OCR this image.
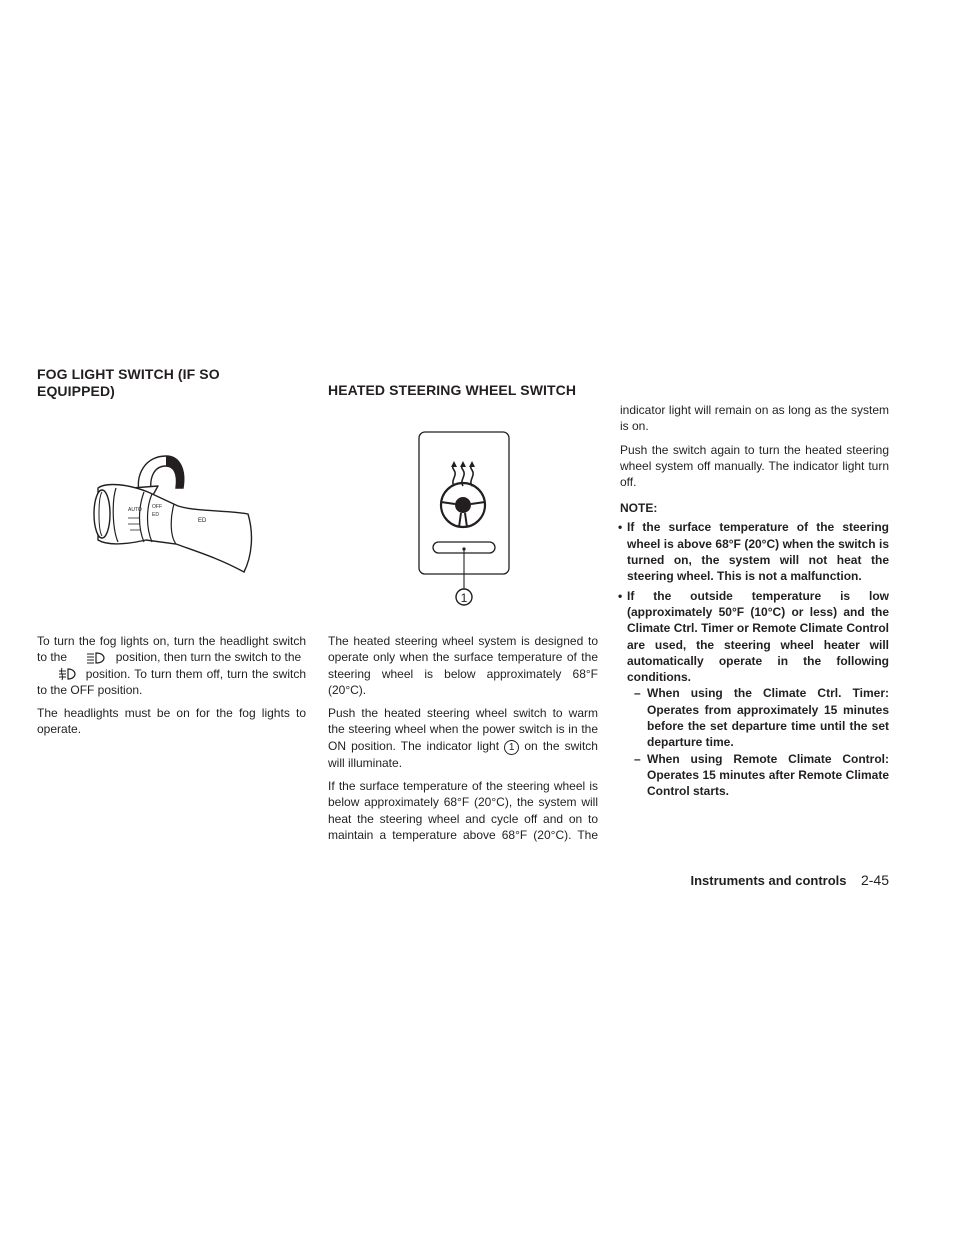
FOG LIGHT SWITCH (IF SO EQUIPPED)
OFF
AUTO
ED
ED

To turn the fog lights on, turn the headlight switch to the	position, then turn the switch to the
position. To turn them off, turn the switch to the OFF position.

The headlights must be on for the fog lights to operate.

HEATED STEERING WHEEL SWITCH
1

The heated steering wheel system is designed to operate only when the surface temperature of the steering wheel is below approximately 68°F (20°C).

Push the heated steering wheel switch to warm the steering wheel when the power switch is in the ON position. The indicator light 1 on the switch will illuminate.

If the surface temperature of the steering wheel is below approximately 68°F (20°C), the system will heat the steering wheel and cycle off and on to maintain a temperature above 68°F (20°C). The

indicator light will remain on as long as the system is on.

Push the switch again to turn the heated steering wheel system off manually. The indicator light turn off.

NOTE:

• If the surface temperature of the steering wheel is above 68°F (20°C) when the switch is turned on, the system will not heat the steering wheel. This is not a malfunction.

• If the outside temperature is low (approximately 50°F (10°C) or less) and the Climate Ctrl. Timer or Remote Climate Control are used, the steering wheel heater will automatically operate in the following conditions.

– When using the Climate Ctrl. Timer: Operates from approximately 15 minutes before the set departure time until the set departure time.

– When using Remote Climate Control: Operates 15 minutes after Remote Climate Control starts.

Instruments and controls 2-45
